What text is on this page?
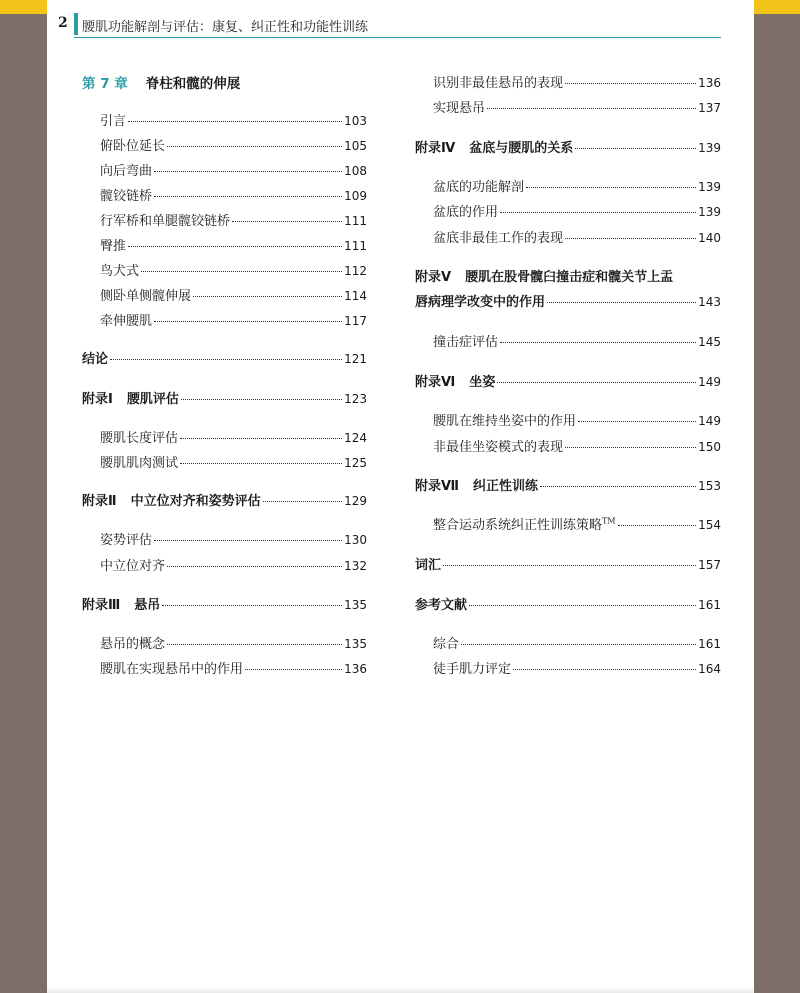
2 腰肌功能解剖与评估：康复、纠正性和功能性训练
第 7 章 脊柱和髋的伸展
引言	103
俯卧位延长	105
向后弯曲	108
髋铰链桥	109
行军桥和单腿髋铰链桥	111
臀推	111
鸟犬式	112
侧卧单侧髋伸展	114
牵伸腰肌	117
结论	121
附录Ⅰ 腰肌评估	123
腰肌长度评估	124
腰肌肌肉测试	125
附录Ⅱ 中立位对齐和姿势评估	129
姿势评估	130
中立位对齐	132
附录Ⅲ 悬吊	135
悬吊的概念	135
腰肌在实现悬吊中的作用	136
识别非最佳悬吊的表现	136
实现悬吊	137
附录Ⅳ 盆底与腰肌的关系	139
盆底的功能解剖	139
盆底的作用	139
盆底非最佳工作的表现	140
附录Ⅴ 腰肌在股骨髋臼撞击症和髋关节上盂
唇病理学改变中的作用	143
撞击症评估	145
附录Ⅵ 坐姿	149
腰肌在维持坐姿中的作用	149
非最佳坐姿模式的表现	150
附录Ⅶ 纠正性训练	153
整合运动系统纠正性训练策略™	154
词汇	157
参考文献	161
综合	161
徒手肌力评定	164
